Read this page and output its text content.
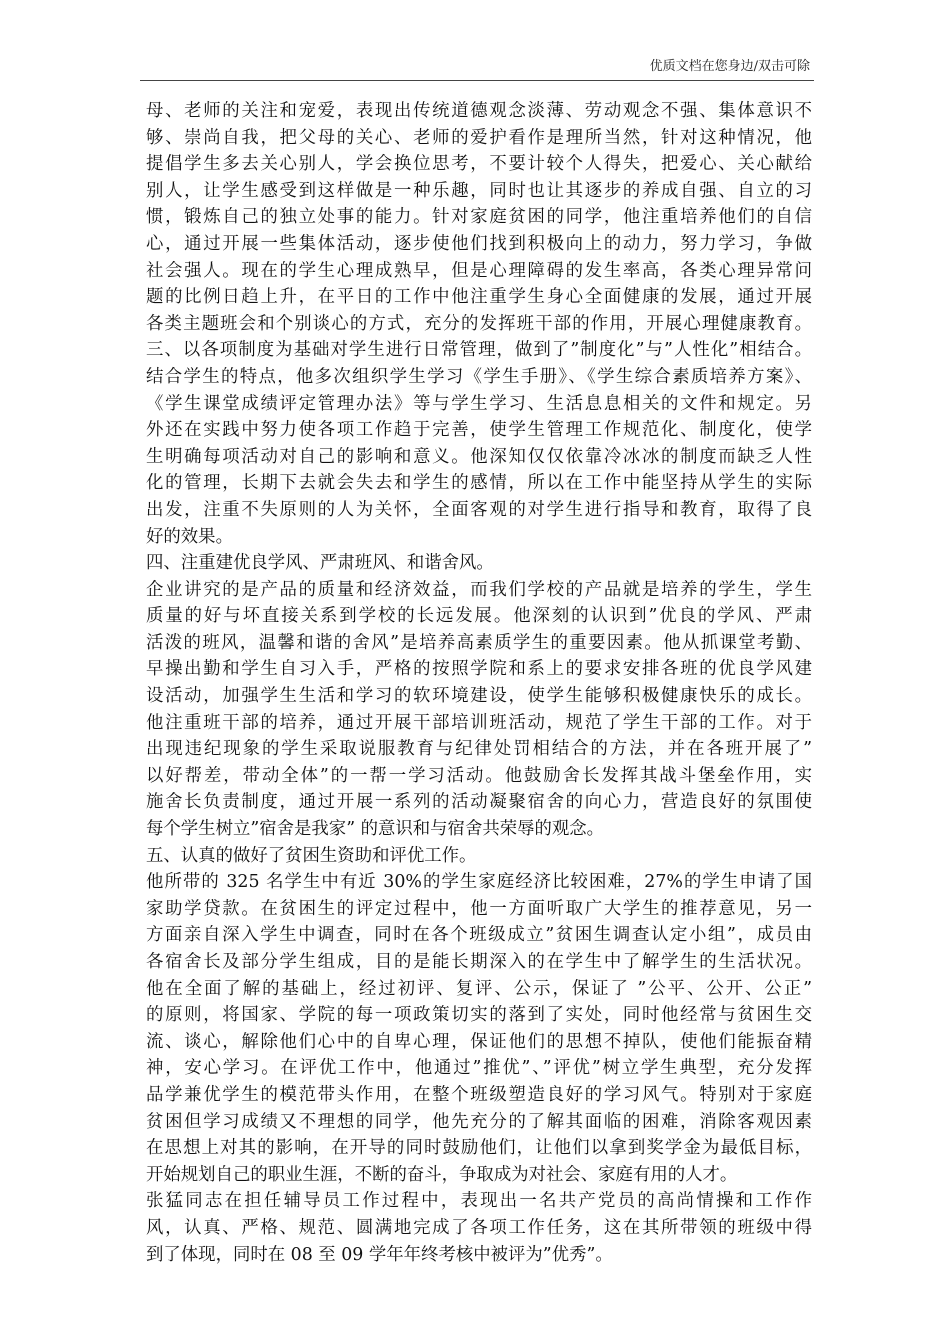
优质文档在您身边/双击可除
母、老师的关注和宠爱，表现出传统道德观念淡薄、劳动观念不强、集体意识不
够、崇尚自我，把父母的关心、老师的爱护看作是理所当然，针对这种情况，他
提倡学生多去关心别人，学会换位思考，不要计较个人得失，把爱心、关心献给
别人，让学生感受到这样做是一种乐趣，同时也让其逐步的养成自强、自立的习
惯，锻炼自己的独立处事的能力。针对家庭贫困的同学，他注重培养他们的自信
心，通过开展一些集体活动，逐步使他们找到积极向上的动力，努力学习，争做
社会强人。现在的学生心理成熟早，但是心理障碍的发生率高，各类心理异常问
题的比例日趋上升，在平日的工作中他注重学生身心全面健康的发展，通过开展
各类主题班会和个别谈心的方式，充分的发挥班干部的作用，开展心理健康教育。
三、以各项制度为基础对学生进行日常管理，做到了”制度化”与”人性化”相结合。
结合学生的特点，他多次组织学生学习《学生手册》、《学生综合素质培养方案》、
《学生课堂成绩评定管理办法》等与学生学习、生活息息相关的文件和规定。另
外还在实践中努力使各项工作趋于完善，使学生管理工作规范化、制度化，使学
生明确每项活动对自己的影响和意义。他深知仅仅依靠冷冰冰的制度而缺乏人性
化的管理，长期下去就会失去和学生的感情，所以在工作中能坚持从学生的实际
出发，注重不失原则的人为关怀，全面客观的对学生进行指导和教育，取得了良
好的效果。
四、注重建优良学风、严肃班风、和谐舍风。
企业讲究的是产品的质量和经济效益，而我们学校的产品就是培养的学生，学生
质量的好与坏直接关系到学校的长远发展。他深刻的认识到”优良的学风、严肃
活泼的班风，温馨和谐的舍风”是培养高素质学生的重要因素。他从抓课堂考勤、
早操出勤和学生自习入手，严格的按照学院和系上的要求安排各班的优良学风建
设活动，加强学生生活和学习的软环境建设，使学生能够积极健康快乐的成长。
他注重班干部的培养，通过开展干部培训班活动，规范了学生干部的工作。对于
出现违纪现象的学生采取说服教育与纪律处罚相结合的方法，并在各班开展了”
以好帮差，带动全体”的一帮一学习活动。他鼓励舍长发挥其战斗堡垒作用，实
施舍长负责制度，通过开展一系列的活动凝聚宿舍的向心力，营造良好的氛围使
每个学生树立”宿舍是我家” 的意识和与宿舍共荣辱的观念。
五、认真的做好了贫困生资助和评优工作。
他所带的 325 名学生中有近 30%的学生家庭经济比较困难，27%的学生申请了国
家助学贷款。在贫困生的评定过程中，他一方面听取广大学生的推荐意见，另一
方面亲自深入学生中调查，同时在各个班级成立”贫困生调查认定小组”，成员由
各宿舍长及部分学生组成，目的是能长期深入的在学生中了解学生的生活状况。
他在全面了解的基础上，经过初评、复评、公示，保证了 ”公平、公开、公正”
的原则，将国家、学院的每一项政策切实的落到了实处，同时他经常与贫困生交
流、谈心，解除他们心中的自卑心理，保证他们的思想不掉队，使他们能振奋精
神，安心学习。在评优工作中，他通过”推优”、”评优”树立学生典型，充分发挥
品学兼优学生的模范带头作用，在整个班级塑造良好的学习风气。特别对于家庭
贫困但学习成绩又不理想的同学，他先充分的了解其面临的困难，消除客观因素
在思想上对其的影响，在开导的同时鼓励他们，让他们以拿到奖学金为最低目标，
开始规划自己的职业生涯，不断的奋斗，争取成为对社会、家庭有用的人才。
张猛同志在担任辅导员工作过程中，表现出一名共产党员的高尚情操和工作作
风，认真、严格、规范、圆满地完成了各项工作任务，这在其所带领的班级中得
到了体现，同时在 08 至 09 学年年终考核中被评为”优秀”。
